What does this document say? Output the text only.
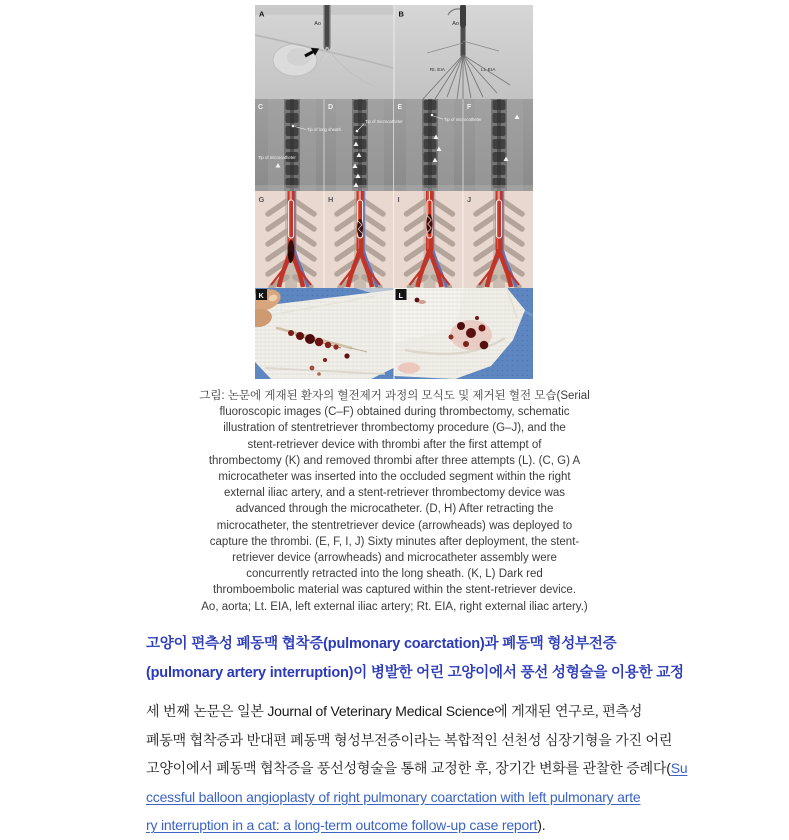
Ao
A
Ao
Rt. EIA	Lt. EIA
B
C
Tip of long sheath
Tip of microcatheter
D
Tip of microcatheter
E
Tip of microcatheter
F
G	H	I	J
K	L
그림: 논문에 게재된 환자의 혈전제거 과정의 모식도 및 제거된 혈전 모습(Serial
fluoroscopic images (C–F) obtained during thrombectomy, schematic
illustration of stentretriever thrombectomy procedure (G–J), and the
stent-retriever device with thrombi after the first attempt of
thrombectomy (K) and removed thrombi after three attempts (L). (C, G) A
microcatheter was inserted into the occluded segment within the right
external iliac artery, and a stent-retriever thrombectomy device was
advanced through the microcatheter. (D, H) After retracting the
microcatheter, the stentretriever device (arrowheads) was deployed to
capture the thrombi. (E, F, I, J) Sixty minutes after deployment, the stent-
retriever device (arrowheads) and microcatheter assembly were
concurrently retracted into the long sheath. (K, L) Dark red
thromboembolic material was captured within the stent-retriever device.
Ao, aorta; Lt. EIA, left external iliac artery; Rt. EIA, right external iliac artery.)
고양이 편측성 폐동맥 협착증(pulmonary coarctation)과 폐동맥 형성부전증
(pulmonary artery interruption)이 병발한 어린 고양이에서 풍선 성형술을 이용한 교정
세 번째 논문은 일본 Journal of Veterinary Medical Science에 게재된 연구로, 편측성
폐동맥 협착증과 반대편 폐동맥 형성부전증이라는 복합적인 선천성 심장기형을 가진 어린
고양이에서 폐동맥 협착증을 풍선성형술을 통해 교정한 후, 장기간 변화를 관찰한 증례다(Su
ccessful balloon angioplasty of right pulmonary coarctation with left pulmonary arte
ry interruption in a cat: a long-term outcome follow-up case report).
